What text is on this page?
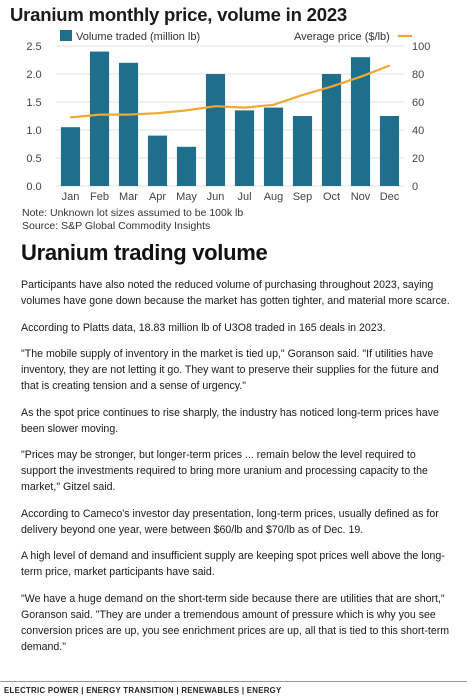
Uranium monthly price, volume in 2023
0.0
0.5
1.0
1.5
2.0
2.5
0
20
40
60
80
100
Jan Feb Mar Apr May Jun Jul Aug Sep Oct Nov Dec
Volume traded (million lb)	Average price ($/lb)
Note: Unknown lot sizes assumed to be 100k lb
Source: S&P Global Commodity Insights
Uranium trading volume

Participants have also noted the reduced volume of purchasing throughout 2023, saying volumes have gone down because the market has gotten tighter, and material more scarce.

According to Platts data, 18.83 million lb of U3O8 traded in 165 deals in 2023.

"The mobile supply of inventory in the market is tied up," Goranson said. "If utilities have inventory, they are not letting it go. They want to preserve their supplies for the future and that is creating tension and a sense of urgency."

As the spot price continues to rise sharply, the industry has noticed long-term prices have been slower moving.

"Prices may be stronger, but longer-term prices ... remain below the level required to support the investments required to bring more uranium and processing capacity to the market," Gitzel said.

According to Cameco's investor day presentation, long-term prices, usually defined as for delivery beyond one year, were between $60/lb and $70/lb as of Dec. 19.

A high level of demand and insufficient supply are keeping spot prices well above the long-term price, market participants have said.

"We have a huge demand on the short-term side because there are utilities that are short," Goranson said. "They are under a tremendous amount of pressure which is why you see conversion prices are up, you see enrichment prices are up, all that is tied to this short-term demand."

ELECTRIC POWER | ENERGY TRANSITION | RENEWABLES | ENERGY
